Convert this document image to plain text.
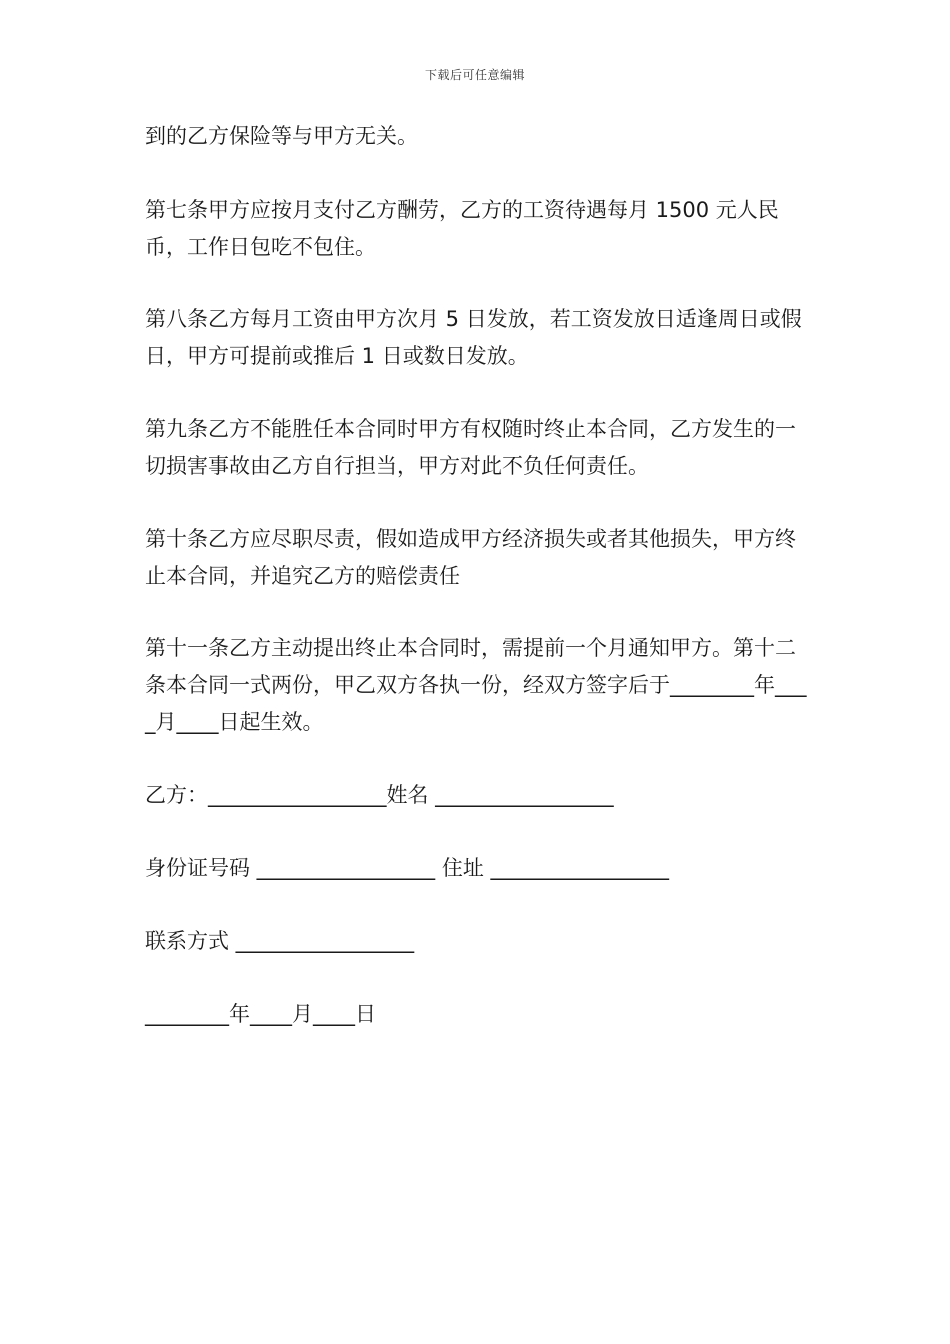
下载后可任意编辑
到的乙方保险等与甲方无关。
第七条甲方应按月支付乙方酬劳，乙方的工资待遇每月 1500 元人民币，工作日包吃不包住。
第八条乙方每月工资由甲方次月 5 日发放，若工资发放日适逢周日或假日，甲方可提前或推后 1 日或数日发放。
第九条乙方不能胜任本合同时甲方有权随时终止本合同，乙方发生的一切损害事故由乙方自行担当，甲方对此不负任何责任。
第十条乙方应尽职尽责，假如造成甲方经济损失或者其他损失，甲方终止本合同，并追究乙方的赔偿责任
第十一条乙方主动提出终止本合同时，需提前一个月通知甲方。第十二条本合同一式两份，甲乙双方各执一份，经双方签字后于________年____月____日起生效。
乙方：_________________姓名 _________________
身份证号码 _________________ 住址 _________________
联系方式 _________________
________年____月____日
